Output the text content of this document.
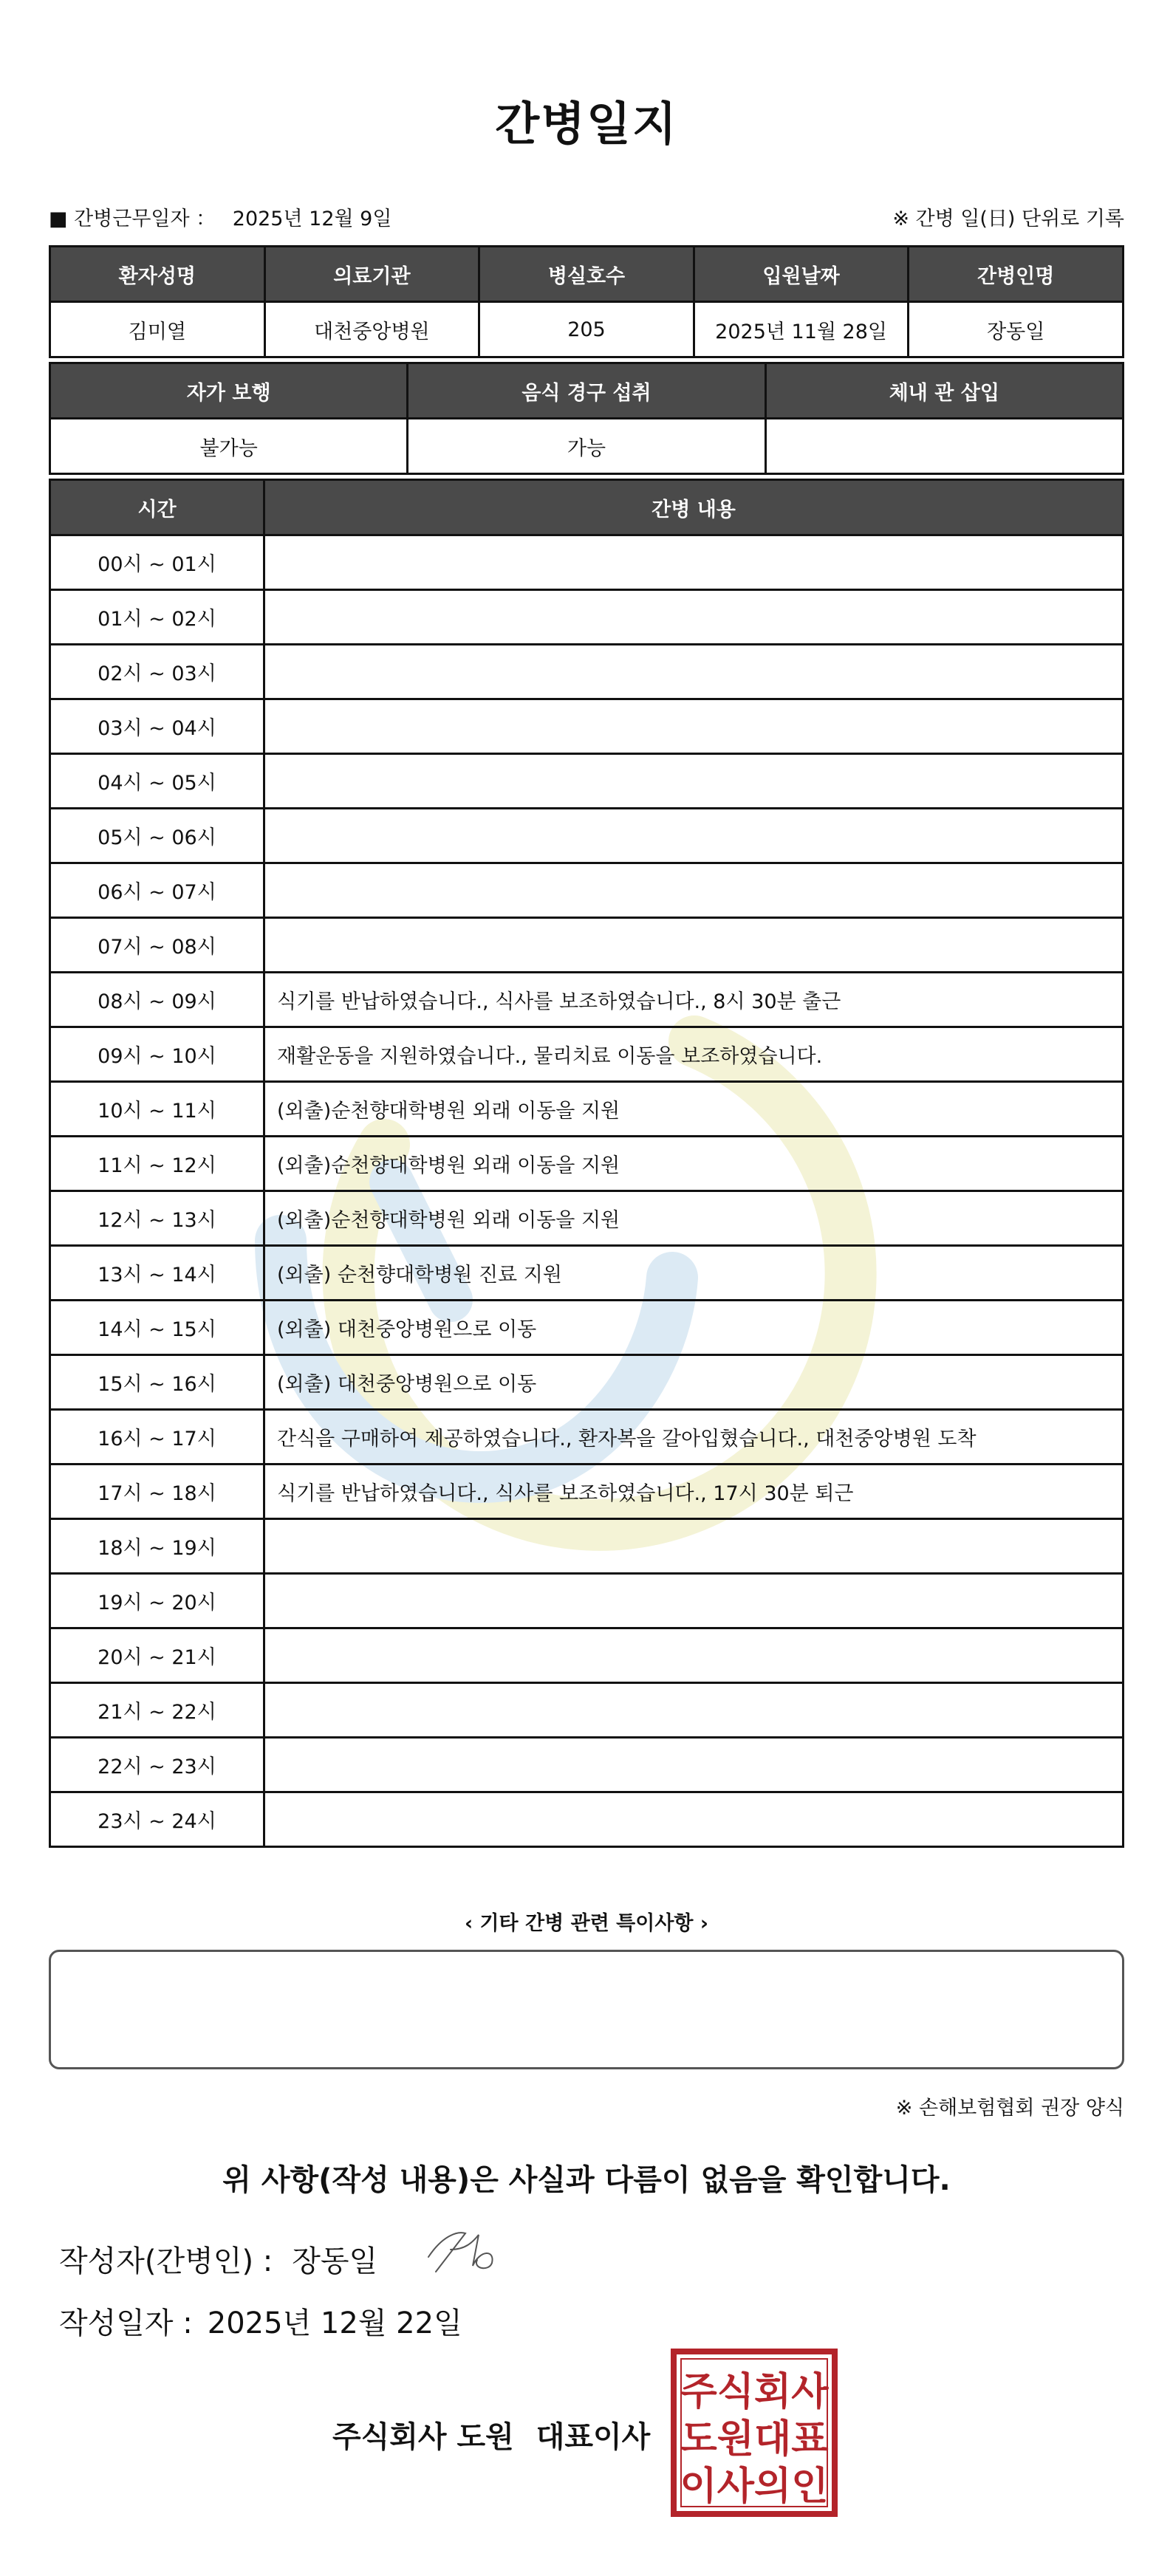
간병일지
■ 간병근무일자 ： 2025년 12월 9일	※ 간병 일(日) 단위로 기록
환자성명	의료기관	병실호수	입원날짜	간병인명
김미열	대천중앙병원	205	2025년 11월 28일	장동일
자가 보행	음식 경구 섭취	체내 관 삽입
불가능	가능	
시간	간병 내용
00시 ~ 01시	
01시 ~ 02시	
02시 ~ 03시	
03시 ~ 04시	
04시 ~ 05시	
05시 ~ 06시	
06시 ~ 07시	
07시 ~ 08시	
08시 ~ 09시	식기를 반납하였습니다., 식사를 보조하였습니다., 8시 30분 출근
09시 ~ 10시	재활운동을 지원하였습니다., 물리치료 이동을 보조하였습니다.
10시 ~ 11시	(외출)순천향대학병원 외래 이동을 지원
11시 ~ 12시	(외출)순천향대학병원 외래 이동을 지원
12시 ~ 13시	(외출)순천향대학병원 외래 이동을 지원
13시 ~ 14시	(외출) 순천향대학병원 진료 지원
14시 ~ 15시	(외출) 대천중앙병원으로 이동
15시 ~ 16시	(외출) 대천중앙병원으로 이동
16시 ~ 17시	간식을 구매하여 제공하였습니다., 환자복을 갈아입혔습니다., 대천중앙병원 도착
17시 ~ 18시	식기를 반납하였습니다., 식사를 보조하였습니다., 17시 30분 퇴근
18시 ~ 19시	
19시 ~ 20시	
20시 ~ 21시	
21시 ~ 22시	
22시 ~ 23시	
23시 ~ 24시	
‹ 기타 간병 관련 특이사항 ›
※ 손해보험협회 권장 양식
위 사항(작성 내용)은 사실과 다름이 없음을 확인합니다.
작성자(간병인) : 장동일
작성일자 : 2025년 12월 22일
주식회사 도원 대표이사
주식회사
도원대표
이사의인
